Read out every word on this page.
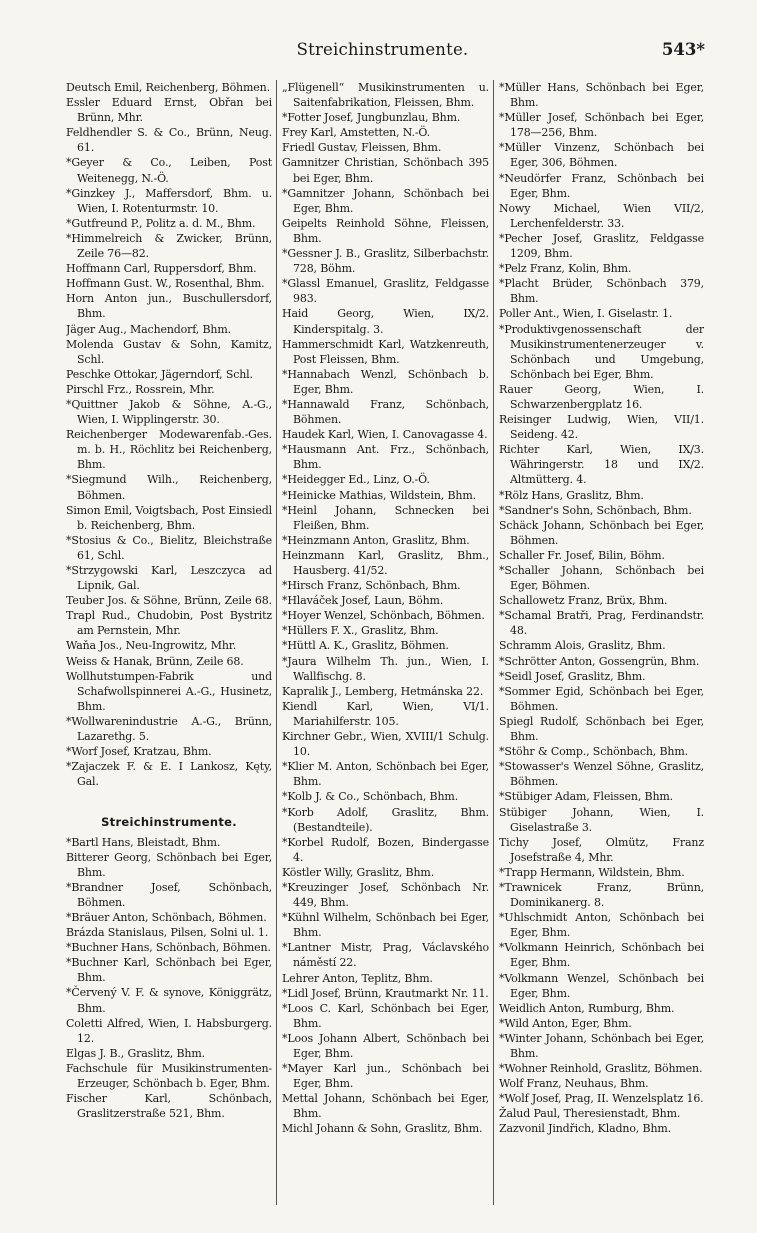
Streichinstrumente.	543*

Deutsch Emil, Reichenberg, Böhmen.

Essler Eduard Ernst, Obřan bei Brünn, Mhr.

Feldhendler S. & Co., Brünn, Neug. 61.

*Geyer & Co., Leiben, Post Weitenegg, N.-Ö.

*Ginzkey J., Maffersdorf, Bhm. u. Wien, I. Rotenturmstr. 10.

*Gutfreund P., Politz a. d. M., Bhm.

*Himmelreich & Zwicker, Brünn, Zeile 76—82.

Hoffmann Carl, Ruppersdorf, Bhm.

Hoffmann Gust. W., Rosenthal, Bhm.

Horn Anton jun., Buschullersdorf, Bhm.

Jäger Aug., Machendorf, Bhm.

Molenda Gustav & Sohn, Kamitz, Schl.

Peschke Ottokar, Jägerndorf, Schl.

Pirschl Frz., Rossrein, Mhr.

*Quittner Jakob & Söhne, A.-G., Wien, I. Wipplingerstr. 30.

Reichenberger Modewarenfab.-Ges. m. b. H., Röchlitz bei Reichenberg, Bhm.

*Siegmund Wilh., Reichenberg, Böhmen.

Simon Emil, Voigtsbach, Post Einsiedl b. Reichenberg, Bhm.

*Stosius & Co., Bielitz, Bleichstraße 61, Schl.

*Strzygowski Karl, Leszczyca ad Lipnik, Gal.

Teuber Jos. & Söhne, Brünn, Zeile 68.

Trapl Rud., Chudobin, Post Bystritz am Pernstein, Mhr.

Waňa Jos., Neu-Ingrowitz, Mhr.

Weiss & Hanak, Brünn, Zeile 68.

Wollhutstumpen-Fabrik und Schafwollspinnerei A.-G., Husinetz, Bhm.

*Wollwarenindustrie A.-G., Brünn, Lazarethg. 5.

*Worf Josef, Kratzau, Bhm.

*Zajaczek F. & E. I Lankosz, Kęty, Gal.

Streichinstrumente.

*Bartl Hans, Bleistadt, Bhm.

Bitterer Georg, Schönbach bei Eger, Bhm.

*Brandner Josef, Schönbach, Böhmen.

*Bräuer Anton, Schönbach, Böhmen.

Brázda Stanislaus, Pilsen, Solni ul. 1.

*Buchner Hans, Schönbach, Böhmen.

*Buchner Karl, Schönbach bei Eger, Bhm.

*Červený V. F. & synove, Königgrätz, Bhm.

Coletti Alfred, Wien, I. Habsburgerg. 12.

Elgas J. B., Graslitz, Bhm.

Fachschule für Musikinstrumenten-Erzeuger, Schönbach b. Eger, Bhm.

Fischer Karl, Schönbach, Graslitzerstraße 521, Bhm.

„Flügenell“ Musikinstrumenten u. Saitenfabrikation, Fleissen, Bhm.

*Fotter Josef, Jungbunzlau, Bhm.

Frey Karl, Amstetten, N.-Ö.

Friedl Gustav, Fleissen, Bhm.

Gamnitzer Christian, Schönbach 395 bei Eger, Bhm.

*Gamnitzer Johann, Schönbach bei Eger, Bhm.

Geipelts Reinhold Söhne, Fleissen, Bhm.

*Gessner J. B., Graslitz, Silberbachstr. 728, Böhm.

*Glassl Emanuel, Graslitz, Feldgasse 983.

Haid Georg, Wien, IX/2. Kinderspitalg. 3.

Hammerschmidt Karl, Watzkenreuth, Post Fleissen, Bhm.

*Hannabach Wenzl, Schönbach b. Eger, Bhm.

*Hannawald Franz, Schönbach, Böhmen.

Haudek Karl, Wien, I. Canovagasse 4.

*Hausmann Ant. Frz., Schönbach, Bhm.

*Heidegger Ed., Linz, O.-Ö.

*Heinicke Mathias, Wildstein, Bhm.

*Heinl Johann, Schnecken bei Fleißen, Bhm.

*Heinzmann Anton, Graslitz, Bhm.

Heinzmann Karl, Graslitz, Bhm., Hausberg. 41/52.

*Hirsch Franz, Schönbach, Bhm.

*Hlaváček Josef, Laun, Böhm.

*Hoyer Wenzel, Schönbach, Böhmen.

*Hüllers F. X., Graslitz, Bhm.

*Hüttl A. K., Graslitz, Böhmen.

*Jaura Wilhelm Th. jun., Wien, I. Wallfischg. 8.

Kapralik J., Lemberg, Hetmánska 22.

Kiendl Karl, Wien, VI/1. Mariahilferstr. 105.

Kirchner Gebr., Wien, XVIII/1 Schulg. 10.

*Klier M. Anton, Schönbach bei Eger, Bhm.

*Kolb J. & Co., Schönbach, Bhm.

*Korb Adolf, Graslitz, Bhm. (Bestandteile).

*Korbel Rudolf, Bozen, Bindergasse 4.

Köstler Willy, Graslitz, Bhm.

*Kreuzinger Josef, Schönbach Nr. 449, Bhm.

*Kühnl Wilhelm, Schönbach bei Eger, Bhm.

*Lantner Mistr, Prag, Václavského náměstí 22.

Lehrer Anton, Teplitz, Bhm.

*Lidl Josef, Brünn, Krautmarkt Nr. 11.

*Loos C. Karl, Schönbach bei Eger, Bhm.

*Loos Johann Albert, Schönbach bei Eger, Bhm.

*Mayer Karl jun., Schönbach bei Eger, Bhm.

Mettal Johann, Schönbach bei Eger, Bhm.

Michl Johann & Sohn, Graslitz, Bhm.

*Müller Hans, Schönbach bei Eger, Bhm.

*Müller Josef, Schönbach bei Eger, 178—256, Bhm.

*Müller Vinzenz, Schönbach bei Eger, 306, Böhmen.

*Neudörfer Franz, Schönbach bei Eger, Bhm.

Nowy Michael, Wien VII/2, Lerchenfelderstr. 33.

*Pecher Josef, Graslitz, Feldgasse 1209, Bhm.

*Pelz Franz, Kolin, Bhm.

*Placht Brüder, Schönbach 379, Bhm.

Poller Ant., Wien, I. Giselastr. 1.

*Produktivgenossenschaft der Musikinstrumentenerzeuger v. Schönbach und Umgebung, Schönbach bei Eger, Bhm.

Rauer Georg, Wien, I. Schwarzenbergplatz 16.

Reisinger Ludwig, Wien, VII/1. Seideng. 42.

Richter Karl, Wien, IX/3. Währingerstr. 18 und IX/2. Altmütterg. 4.

*Rölz Hans, Graslitz, Bhm.

*Sandner's Sohn, Schönbach, Bhm.

Schäck Johann, Schönbach bei Eger, Böhmen.

Schaller Fr. Josef, Bilin, Böhm.

*Schaller Johann, Schönbach bei Eger, Böhmen.

Schallowetz Franz, Brüx, Bhm.

*Schamal Bratři, Prag, Ferdinandstr. 48.

Schramm Alois, Graslitz, Bhm.

*Schrötter Anton, Gossengrün, Bhm.

*Seidl Josef, Graslitz, Bhm.

*Sommer Egid, Schönbach bei Eger, Böhmen.

Spiegl Rudolf, Schönbach bei Eger, Bhm.

*Stöhr & Comp., Schönbach, Bhm.

*Stowasser's Wenzel Söhne, Graslitz, Böhmen.

*Stübiger Adam, Fleissen, Bhm.

Stübiger Johann, Wien, I. Giselastraße 3.

Tichy Josef, Olmütz, Franz Josefstraße 4, Mhr.

*Trapp Hermann, Wildstein, Bhm.

*Trawnicek Franz, Brünn, Dominikanerg. 8.

*Uhlschmidt Anton, Schönbach bei Eger, Bhm.

*Volkmann Heinrich, Schönbach bei Eger, Bhm.

*Volkmann Wenzel, Schönbach bei Eger, Bhm.

Weidlich Anton, Rumburg, Bhm.

*Wild Anton, Eger, Bhm.

*Winter Johann, Schönbach bei Eger, Bhm.

*Wohner Reinhold, Graslitz, Böhmen.

Wolf Franz, Neuhaus, Bhm.

*Wolf Josef, Prag, II. Wenzelsplatz 16.

Žalud Paul, Theresienstadt, Bhm.

Zazvonil Jindřich, Kladno, Bhm.
